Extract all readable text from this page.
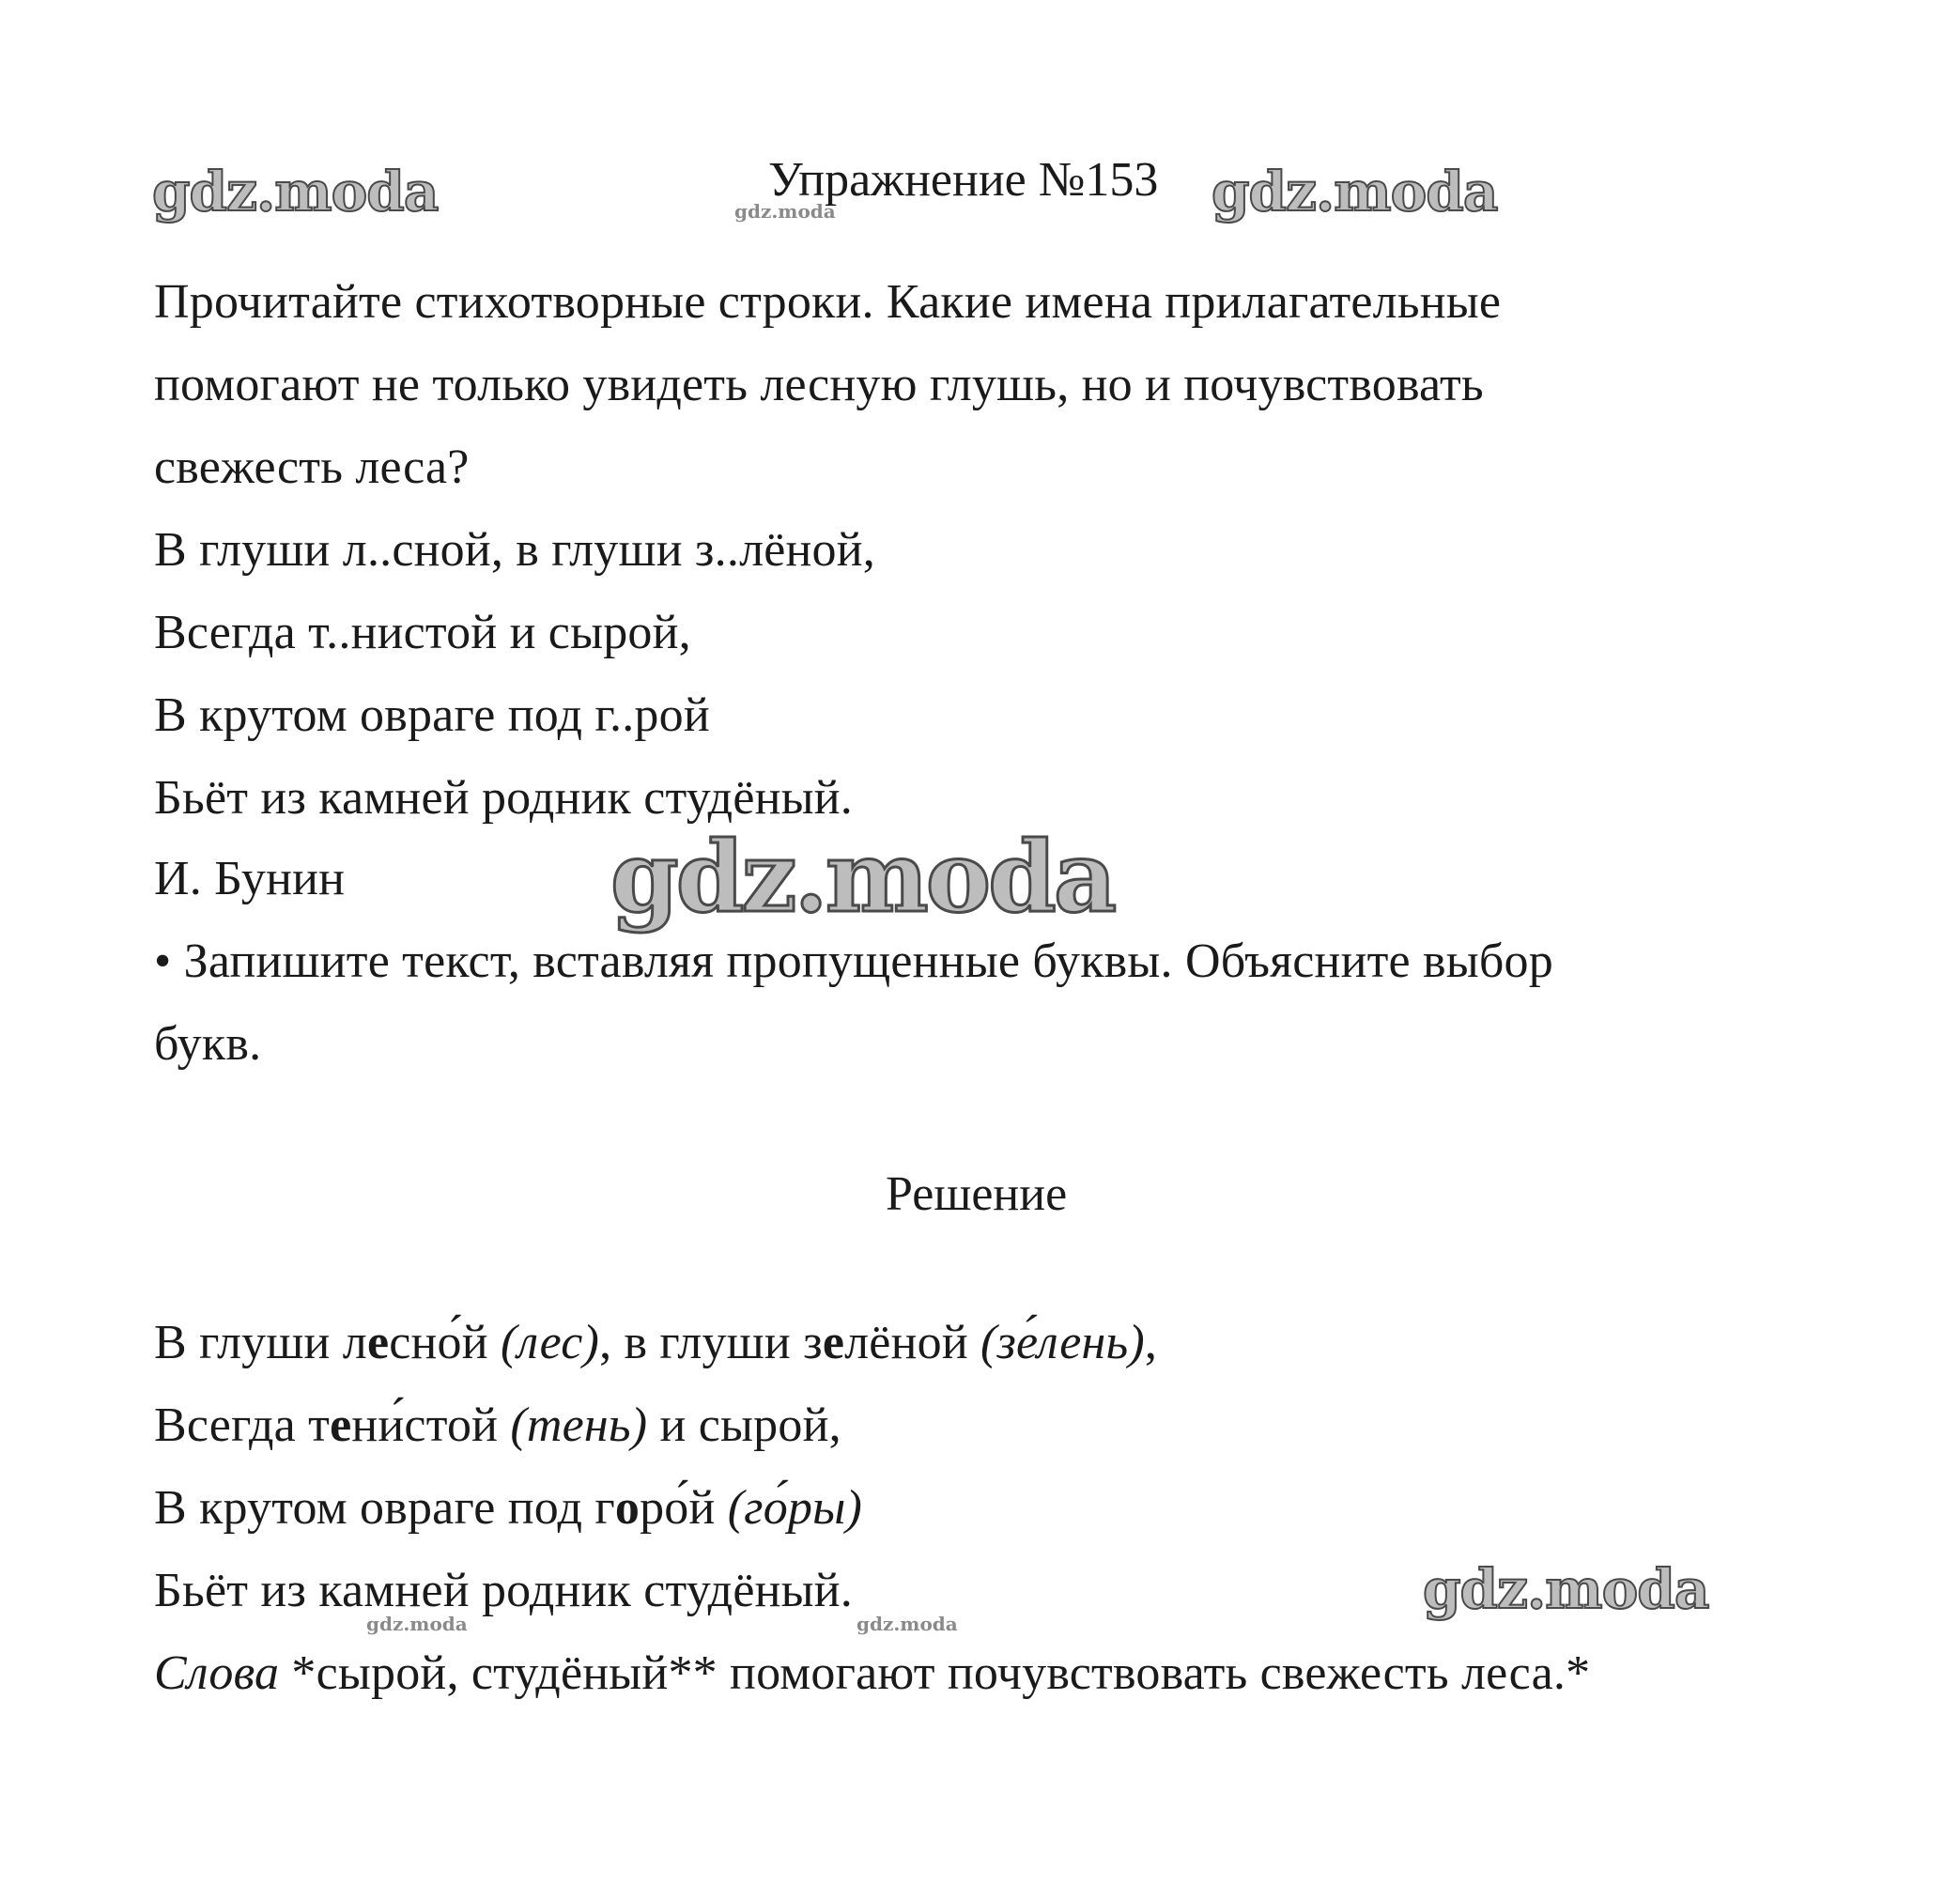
gdz.moda	gdz.moda	gdz.moda
gdz.moda
gdz.moda
gdz.moda	gdz.moda
Упражнение №153
Прочитайте стихотворные строки. Какие имена прилагательные
помогают не только увидеть лесную глушь, но и почувствовать
свежесть леса?
В глуши л..сной, в глуши з..лёной,
Всегда т..нистой и сырой,
В крутом овраге под г..рой
Бьёт из камней родник студёный.
И. Бунин
• Запишите текст, вставляя пропущенные буквы. Объясните выбор
букв.
Решение
В глуши лесно́й (лес), в глуши зелёной (зе́лень),
Всегда тени́стой (тень) и сырой,
В крутом овраге под горо́й (го́ры)
Бьёт из камней родник студёный.
Слова *сырой, студёный** помогают почувствовать свежесть леса.*
